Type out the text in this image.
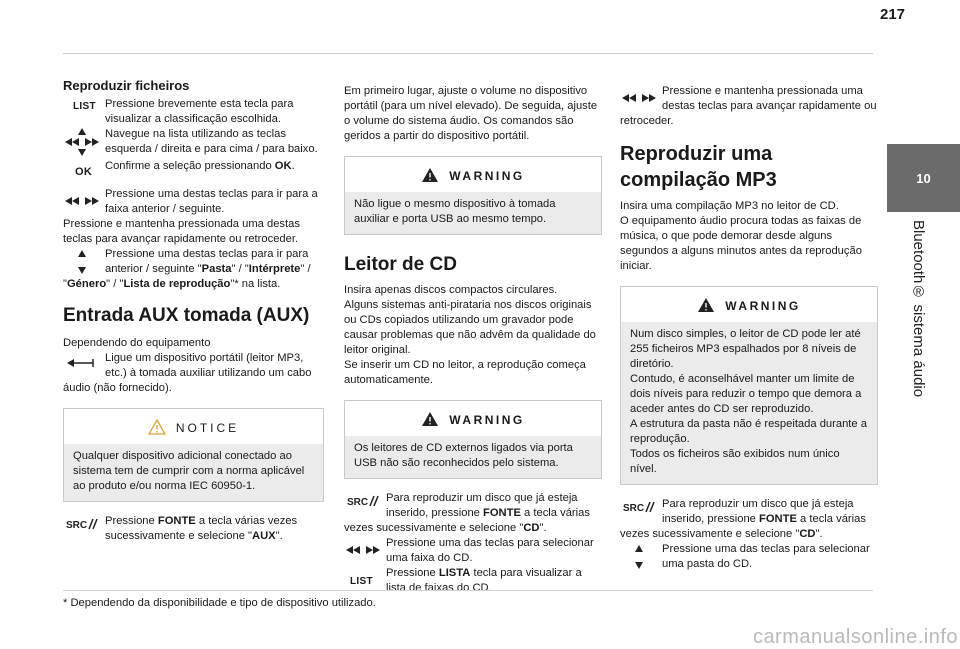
217
10
Bluetooth® sistema áudio
Reproduzir ficheiros
LIST Pressione brevemente esta tecla para visualizar a classificação escolhida.

Navegue na lista utilizando as teclas esquerda / direita e para cima / para baixo.

OK	Confirme a seleção pressionando OK.

Pressione uma destas teclas para ir para a faixa anterior / seguinte.

Pressione e mantenha pressionada uma destas teclas para avançar rapidamente ou retroceder.

Pressione uma destas teclas para ir para anterior / seguinte "Pasta" / "Intérprete" / "Género" / "Lista de reprodução"* na lista.

Entrada AUX tomada (AUX)

Dependendo do equipamento

Ligue um dispositivo portátil (leitor MP3, etc.) à tomada auxiliar utilizando um cabo áudio (não fornecido).

NOTICE
Qualquer dispositivo adicional conectado ao sistema tem de cumprir com a norma aplicável ao produto e/ou norma IEC 60950-1.
SRC	Pressione FONTE a tecla várias vezes sucessivamente e selecione "AUX".

Em primeiro lugar, ajuste o volume no dispositivo portátil (para um nível elevado). De seguida, ajuste o volume do sistema áudio. Os comandos são geridos a partir do dispositivo portátil.

WARNING
Não ligue o mesmo dispositivo à tomada auxiliar e porta USB ao mesmo tempo.
Leitor de CD

Insira apenas discos compactos circulares.

Alguns sistemas anti-pirataria nos discos originais ou CDs copiados utilizando um gravador pode causar problemas que não advêm da qualidade do leitor original.

Se inserir um CD no leitor, a reprodução começa automaticamente.

WARNING
Os leitores de CD externos ligados via porta USB não são reconhecidos pelo sistema.
SRC	Para reproduzir um disco que já esteja inserido, pressione FONTE a tecla várias vezes sucessivamente e selecione "CD".

Pressione uma das teclas para selecionar uma faixa do CD.

LIST

Pressione LISTA tecla para visualizar a lista de faixas do CD.

Pressione e mantenha pressionada uma destas teclas para avançar rapidamente ou retroceder.

Reproduzir uma compilação MP3

Insira uma compilação MP3 no leitor de CD.

O equipamento áudio procura todas as faixas de música, o que pode demorar desde alguns segundos a alguns minutos antes da reprodução iniciar.

WARNING

Num disco simples, o leitor de CD pode ler até 255 ficheiros MP3 espalhados por 8 níveis de diretório.

Contudo, é aconselhável manter um limite de dois níveis para reduzir o tempo que demora a aceder antes do CD ser reproduzido.

A estrutura da pasta não é respeitada durante a reprodução.

Todos os ficheiros são exibidos num único nível.

SRC	Para reproduzir um disco que já esteja inserido, pressione FONTE a tecla várias vezes sucessivamente e selecione "CD".

Pressione uma das teclas para selecionar uma pasta do CD.

* Dependendo da disponibilidade e tipo de dispositivo utilizado.
carmanualsonline.info
